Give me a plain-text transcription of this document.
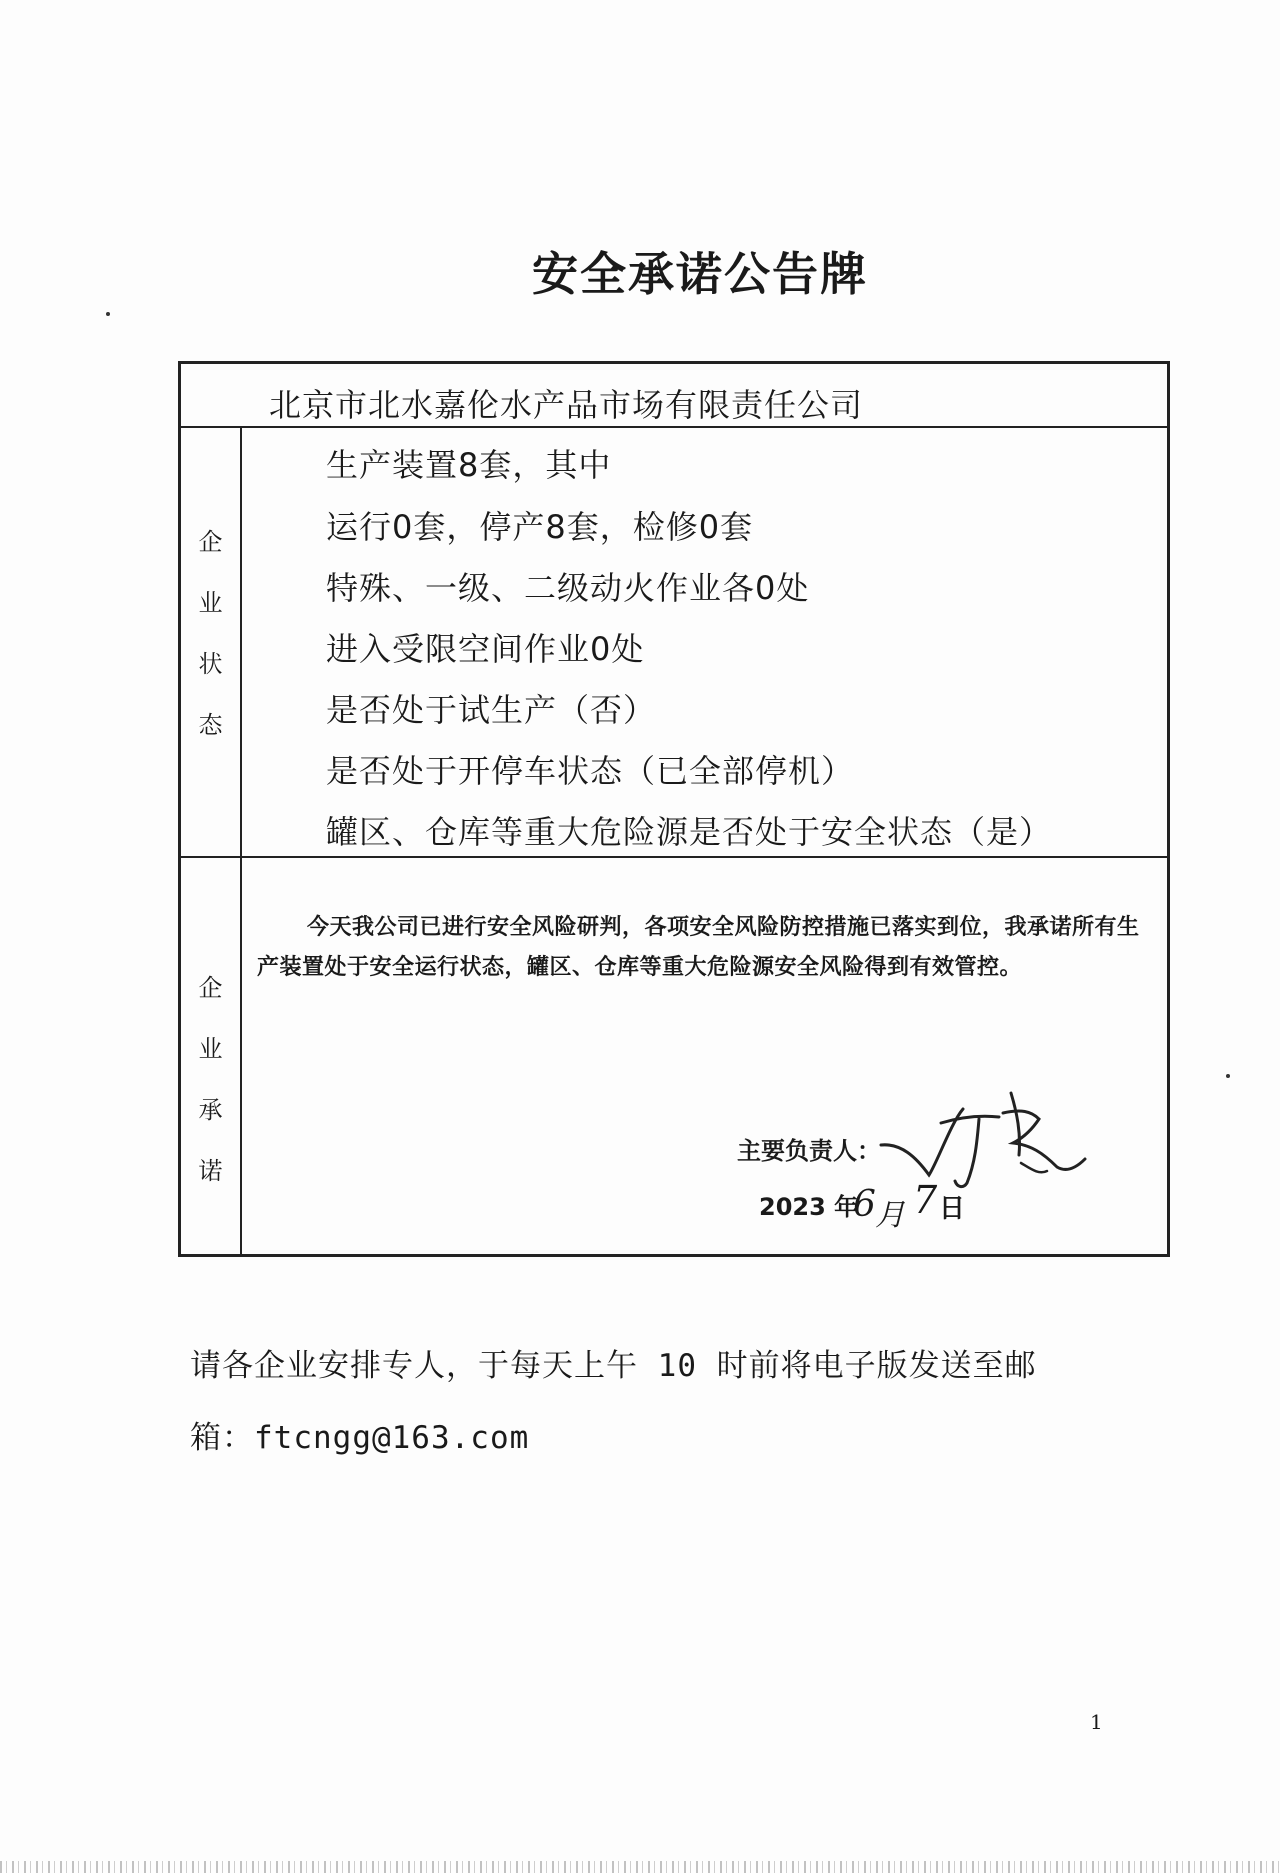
安全承诺公告牌
北京市北水嘉伦水产品市场有限责任公司
企
业
状
态
生产装置8套，其中
运行0套，停产8套，检修0套
特殊、一级、二级动火作业各0处
进入受限空间作业0处
是否处于试生产（否）
是否处于开停车状态（已全部停机）
罐区、仓库等重大危险源是否处于安全状态（是）
企
业
承
诺
今天我公司已进行安全风险研判，各项安全风险防控措施已落实到位，我承诺所有生产装置处于安全运行状态，罐区、仓库等重大危险源安全风险得到有效管控。
主要负责人：
2023 年
6 月 7 日
请各企业安排专人，于每天上午 10 时前将电子版发送至邮
箱：ftcngg@163.com
1
